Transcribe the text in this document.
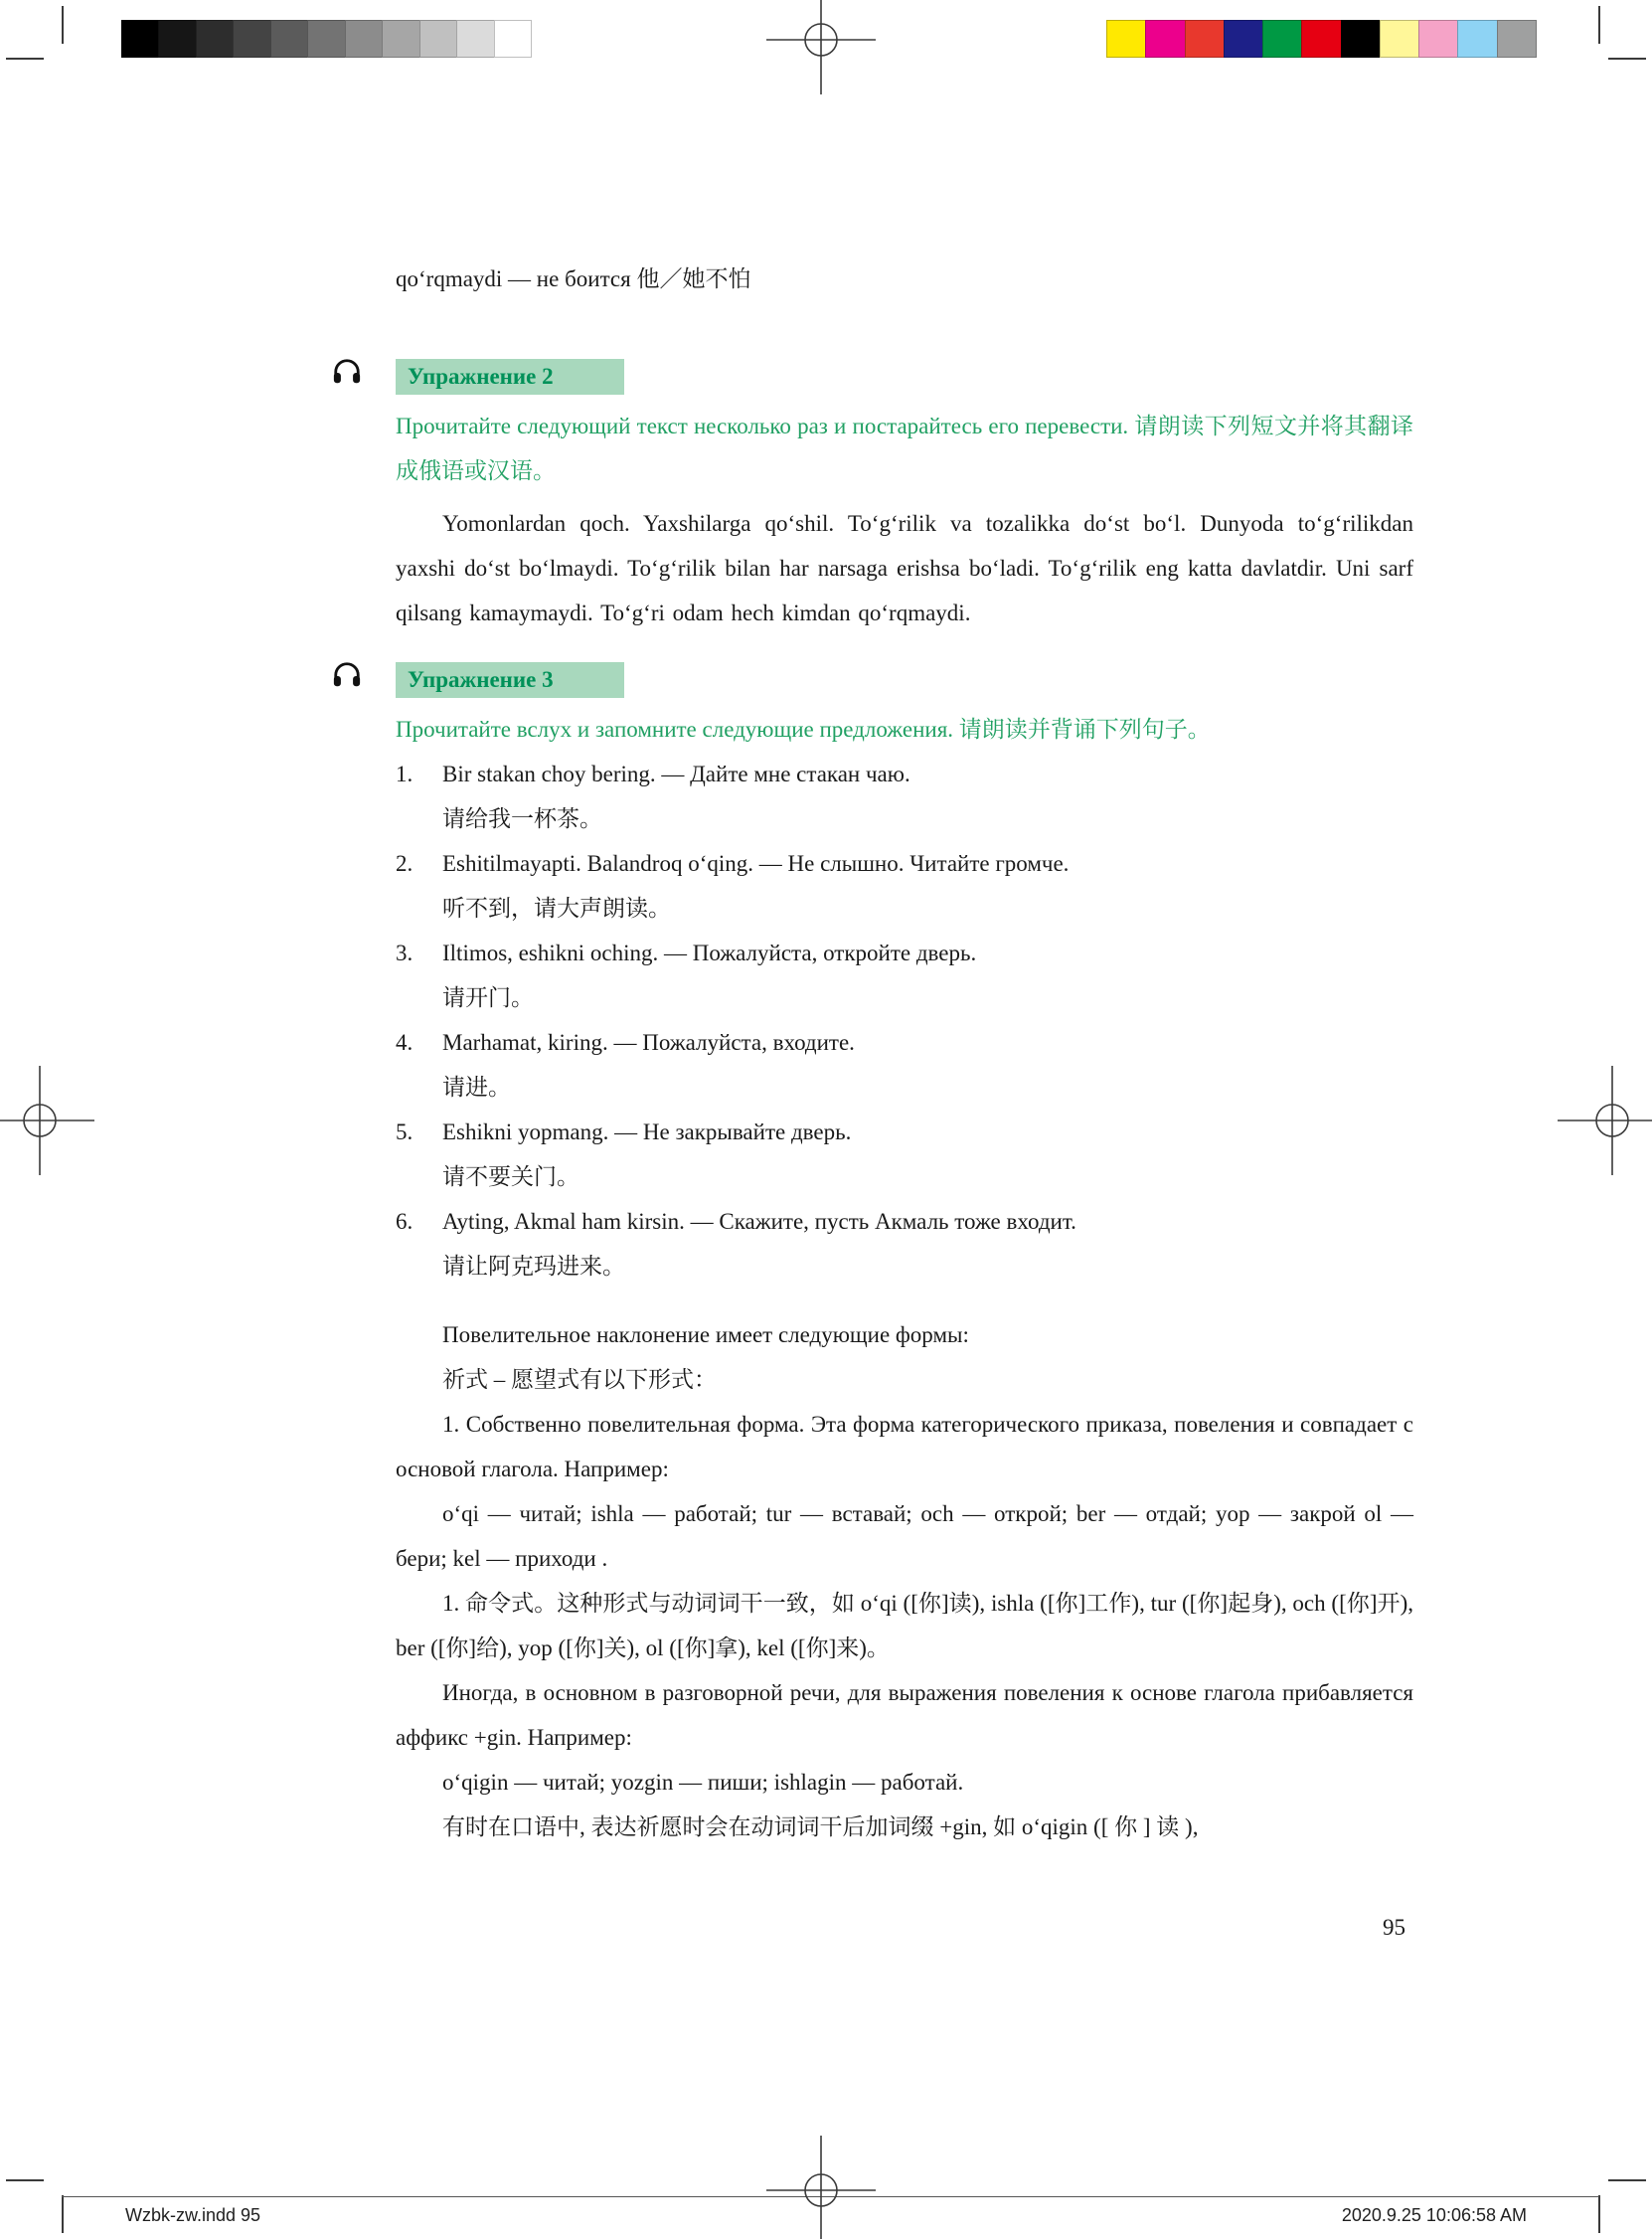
qoʻrqmaydi — не боится 他／她不怕

Упражнение 2

Прочитайте следующий текст несколько раз и постарайтесь его перевести. 请朗读下列短文并将其翻译成俄语或汉语。

Yomonlardan qoch. Yaxshilarga qoʻshil. Toʻgʻrilik va tozalikka doʻst boʻl. Dunyoda toʻgʻrilikdan yaxshi doʻst boʻlmaydi. Toʻgʻrilik bilan har narsaga erishsa boʻladi. Toʻgʻrilik eng katta davlatdir. Uni sarf qilsang kamaymaydi. Toʻgʻri odam hech kimdan qoʻrqmaydi.

Упражнение 3

Прочитайте вслух и запомните следующие предложения. 请朗读并背诵下列句子。

1.	Bir stakan choy bering. — Дайте мне стакан чаю.
请给我一杯茶。
2.	Eshitilmayapti. Balandroq oʻqing. — Не слышно. Читайте громче.
听不到，请大声朗读。
3.	Iltimos, eshikni oching. — Пожалуйста, откройте дверь.
请开门。
4.	Marhamat, kiring. — Пожалуйста, входите.
请进。
5.	Eshikni yopmang. — Не закрывайте дверь.
请不要关门。
6.	Ayting, Akmal ham kirsin. — Скажите, пусть Акмаль тоже входит.
请让阿克玛进来。

Повелительное наклонение имеет следующие формы:

祈式 – 愿望式有以下形式：

1. Собственно повелительная форма. Эта форма категорического приказа, повеления и совпадает с основой глагола. Например:

oʻqi — читай; ishla — работай; tur — вставай; och — открой; ber — отдай; yop — закрой ol — бери; kel — приходи .

1. 命令式。这种形式与动词词干一致，如 oʻqi ([你]读), ishla ([你]工作), tur ([你]起身), och ([你]开), ber ([你]给), yop ([你]关), ol ([你]拿), kel ([你]来)。

Иногда, в основном в разговорной речи, для выражения повеления к основе глагола прибавляется аффикс +gin. Например:

oʻqigin — читай; yozgin — пиши; ishlagin — работай.

有时在口语中, 表达祈愿时会在动词词干后加词缀 +gin, 如 oʻqigin ([ 你 ] 读 ),

95
Wzbk-zw.indd 95	2020.9.25 10:06:58 AM
